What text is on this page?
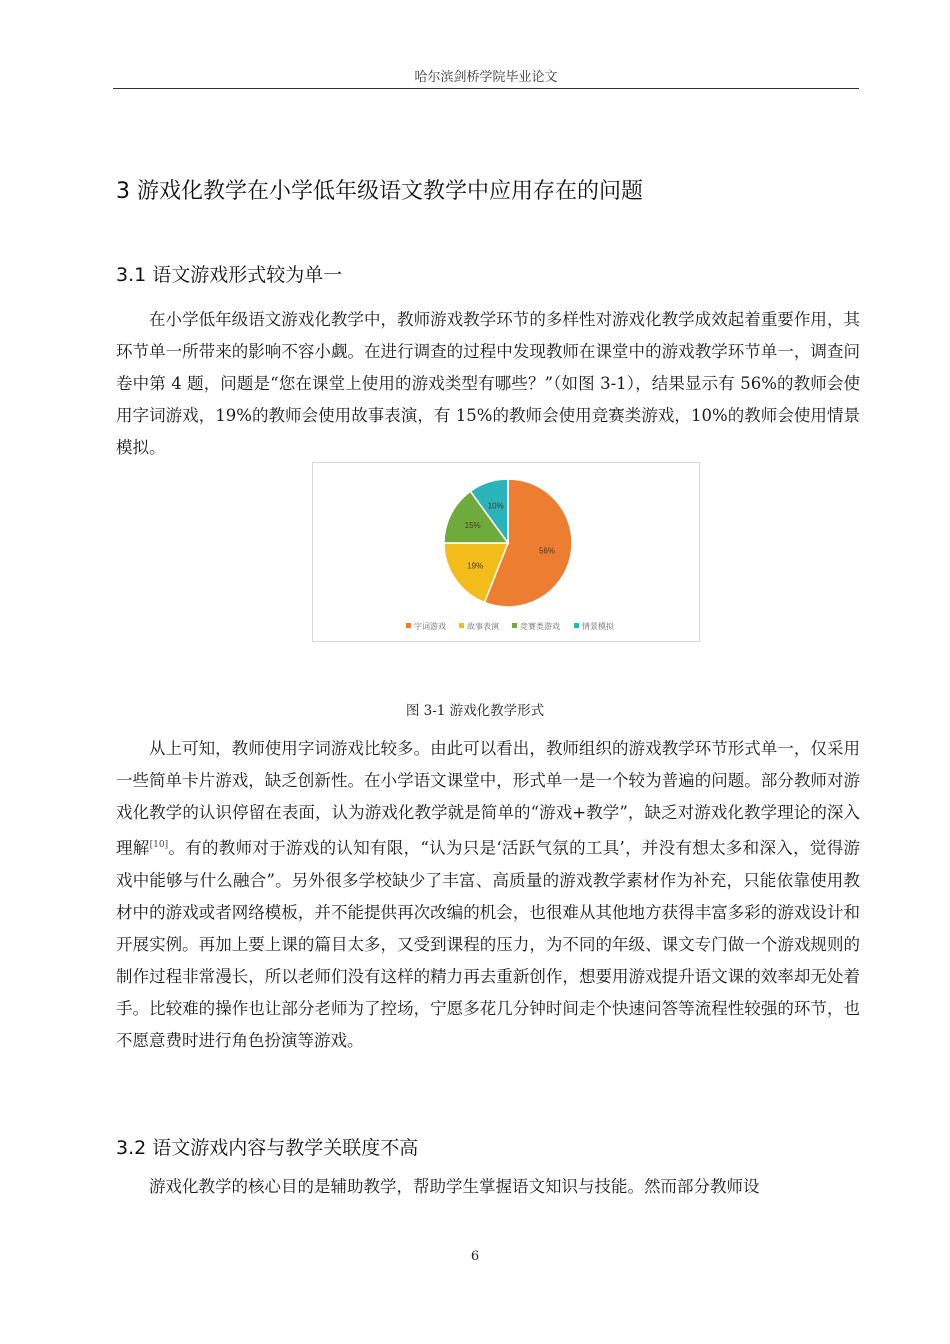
哈尔滨剑桥学院毕业论文
3 游戏化教学在小学低年级语文教学中应用存在的问题
3.1 语文游戏形式较为单一

在小学低年级语文游戏化教学中，教师游戏教学环节的多样性对游戏化教学成效起着重要作用，其环节单一所带来的影响不容小觑。在进行调查的过程中发现教师在课堂中的游戏教学环节单一，调查问卷中第 4 题，问题是“您在课堂上使用的游戏类型有哪些？”（如图 3-1），结果显示有 56%的教师会使用字词游戏，19%的教师会使用故事表演，有 15%的教师会使用竞赛类游戏，10%的教师会使用情景模拟。

56%
19%
15%
10%
字词游戏	故事表演	竞赛类游戏	情景模拟
图 3-1 游戏化教学形式

从上可知，教师使用字词游戏比较多。由此可以看出，教师组织的游戏教学环节形式单一，仅采用一些简单卡片游戏，缺乏创新性。在小学语文课堂中，形式单一是一个较为普遍的问题。部分教师对游戏化教学的认识停留在表面，认为游戏化教学就是简单的“游戏+教学”，缺乏对游戏化教学理论的深入理解[10]。有的教师对于游戏的认知有限，“认为只是‘活跃气氛的工具’，并没有想太多和深入，觉得游戏中能够与什么融合”。另外很多学校缺少了丰富、高质量的游戏教学素材作为补充，只能依靠使用教材中的游戏或者网络模板，并不能提供再次改编的机会，也很难从其他地方获得丰富多彩的游戏设计和开展实例。再加上要上课的篇目太多，又受到课程的压力，为不同的年级、课文专门做一个游戏规则的制作过程非常漫长，所以老师们没有这样的精力再去重新创作，想要用游戏提升语文课的效率却无处着手。比较难的操作也让部分老师为了控场，宁愿多花几分钟时间走个快速问答等流程性较强的环节，也不愿意费时进行角色扮演等游戏。

3.2 语文游戏内容与教学关联度不高

游戏化教学的核心目的是辅助教学，帮助学生掌握语文知识与技能。然而部分教师设

6
